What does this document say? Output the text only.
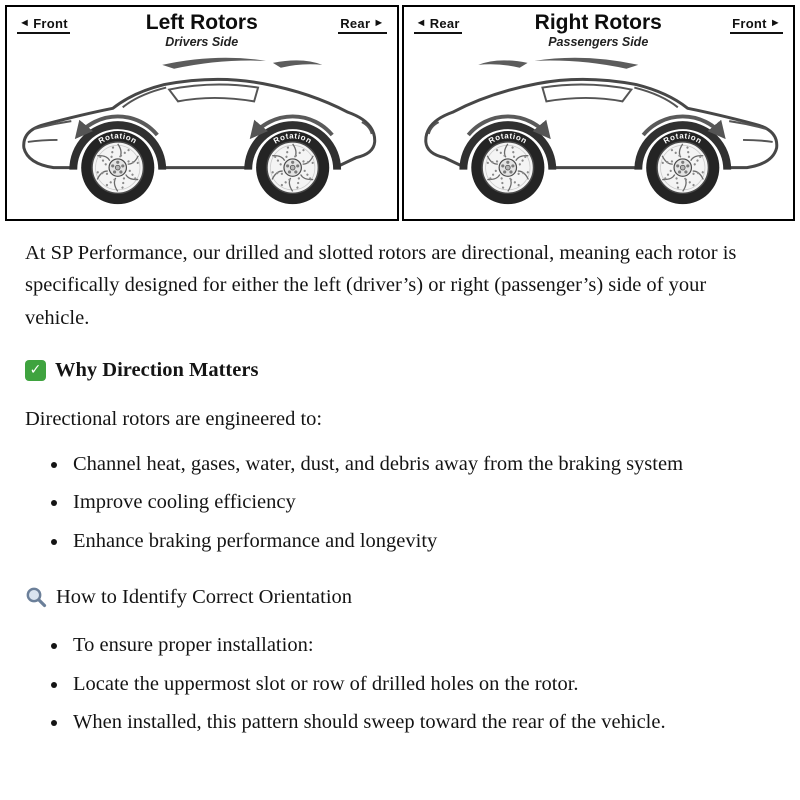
◄ Front	Left Rotors
Drivers Side
Rear ►
Rotation	Rotation
◄ Rear	Right Rotors
Passengers Side
Front ►
Rotation	Rotation

At SP Performance, our drilled and slotted rotors are directional, meaning each rotor is specifically designed for either the left (driver’s) or right (passenger’s) side of your vehicle.

✓ Why Direction Matters

Directional rotors are engineered to:

• Channel heat, gases, water, dust, and debris away from the braking system
• Improve cooling efficiency
• Enhance braking performance and longevity
How to Identify Correct Orientation
• To ensure proper installation:
• Locate the uppermost slot or row of drilled holes on the rotor.
• When installed, this pattern should sweep toward the rear of the vehicle.
